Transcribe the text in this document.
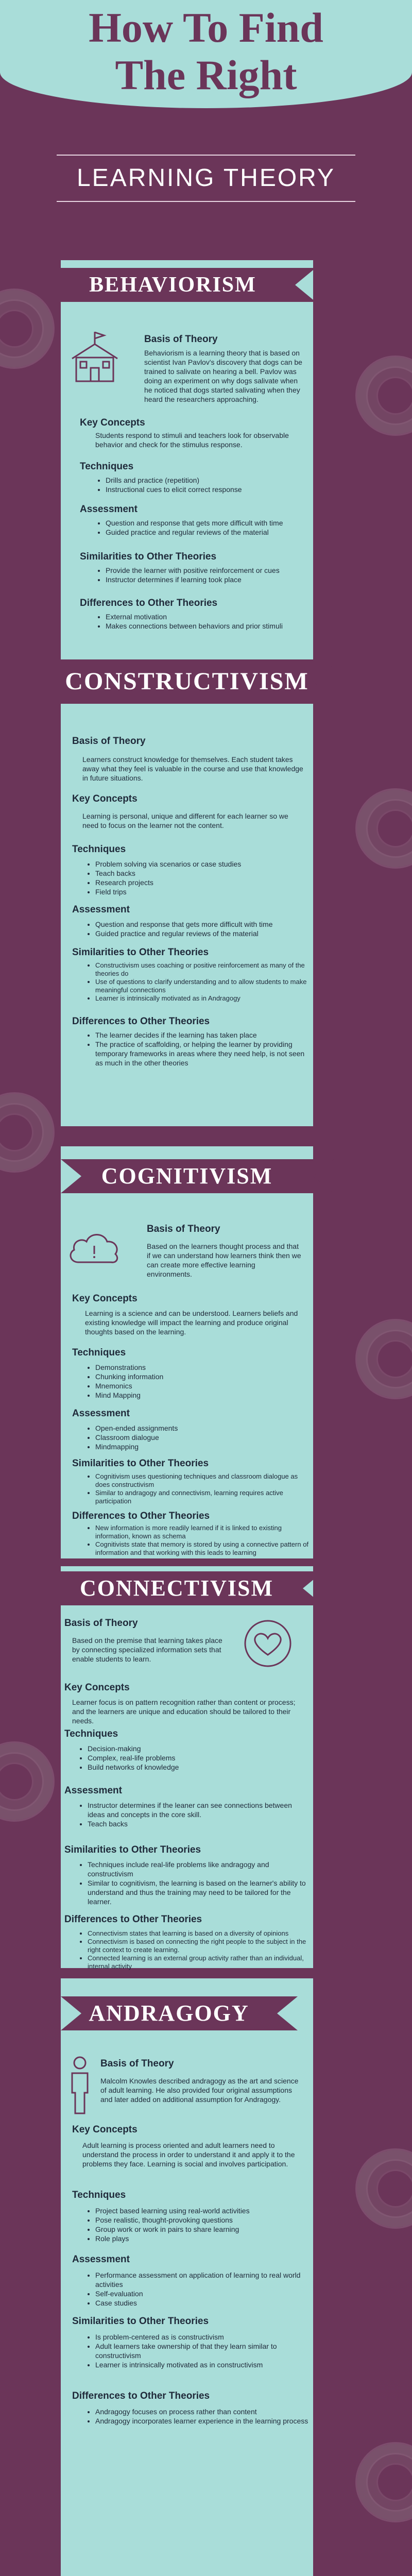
How To Find
The Right
LEARNING THEORY
BEHAVIORISM
Basis of Theory
Behaviorism is a learning theory that is based on scientist Ivan Pavlov's discovery that dogs can be trained to salivate on hearing a bell. Pavlov was doing an experiment on why dogs salivate when he noticed that dogs started salivating when they heard the researchers approaching.
Key Concepts
Students respond to stimuli and teachers look for observable behavior and check for the stimulus response.
Techniques
• Drills and practice (repetition)
• Instructional cues to elicit correct response
Assessment
• Question and response that gets more difficult with time
• Guided practice and regular reviews of the material
Similarities to Other Theories
• Provide the learner with positive reinforcement or cues
• Instructor determines if learning took place
Differences to Other Theories
• External motivation
• Makes connections between behaviors and prior stimuli
CONSTRUCTIVISM
Basis of Theory
Learners construct knowledge for themselves. Each student takes away what they feel is valuable in the course and use that knowledge in future situations.
Key Concepts
Learning is personal, unique and different for each learner so we need to focus on the learner not the content.
Techniques
• Problem solving via scenarios or case studies
• Teach backs
• Research projects
• Field trips
Assessment
• Question and response that gets more difficult with time
• Guided practice and regular reviews of the material
Similarities to Other Theories
• Constructivism uses coaching or positive reinforcement as many of the theories do
• Use of questions to clarify understanding and to allow students to make meaningful connections
• Learner is intrinsically motivated as in Andragogy
Differences to Other Theories
• The learner decides if the learning has taken place
• The practice of scaffolding, or helping the learner by providing temporary frameworks in areas where they need help, is not seen as much in the other theories
COGNITIVISM
Basis of Theory
Based on the learners thought process and that if we can understand how learners think then we can create more effective learning environments.
Key Concepts
Learning is a science and can be understood. Learners beliefs and existing knowledge will impact the learning and produce original thoughts based on the learning.
Techniques
• Demonstrations
• Chunking information
• Mnemonics
• Mind Mapping
Assessment
• Open-ended assignments
• Classroom dialogue
• Mindmapping
Similarities to Other Theories
• Cognitivism uses questioning techniques and classroom dialogue as does constructivism
• Similar to andragogy and connectivism, learning requires active participation
Differences to Other Theories
• New information is more readily learned if it is linked to existing information, known as schema
• Cognitivists state that memory is stored by using a connective pattern of information and that working with this leads to learning
CONNECTIVISM
Basis of Theory
Based on the premise that learning takes place by connecting specialized information sets that enable students to learn.
Key Concepts
Learner focus is on pattern recognition rather than content or process; and the learners are unique and education should be tailored to their needs.
Techniques
• Decision-making
• Complex, real-life problems
• Build networks of knowledge
Assessment
• Instructor determines if the leaner can see connections between ideas and concepts in the core skill.
• Teach backs
Similarities to Other Theories
• Techniques include real-life problems like andragogy and constructivism
• Similar to cognitivism, the learning is based on the learner's ability to understand and thus the training may need to be tailored for the learner.
Differences to Other Theories
• Connectivism states that learning is based on a diversity of opinions
• Connectivism is based on connecting the right people to the subject in the right context to create learning.
• Connected learning is an external group activity rather than an individual, internal activity
ANDRAGOGY
Basis of Theory
Malcolm Knowles described andragogy as the art and science of adult learning. He also provided four original assumptions and later added on additional assumption for Andragogy.
Key Concepts
Adult learning is process oriented and adult learners need to understand the process in order to understand it and apply it to the problems they face. Learning is social and involves participation.
Techniques
• Project based learning using real-world activities
• Pose realistic, thought-provoking questions
• Group work or work in pairs to share learning
• Role plays
Assessment
• Performance assessment on application of learning to real world activities
• Self-evaluation
• Case studies
Similarities to Other Theories
• Is problem-centered as is constructivism
• Adult learners take ownership of that they learn similar to constructivism
• Learner is intrinsically motivated as in constructivism
Differences to Other Theories
• Andragogy focuses on process rather than content
• Andragogy incorporates learner experience in the learning process
